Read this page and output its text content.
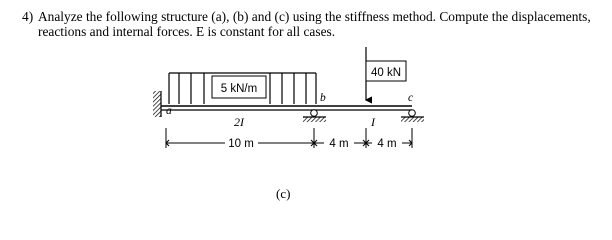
4) Analyze the following structure (a), (b) and (c) using the stiffness method. Compute the displacements, reactions and internal forces. E is constant for all cases.
5 kN/m
40 kN
a
b	c
2I	I
10 m	4 m	4 m
(c)
